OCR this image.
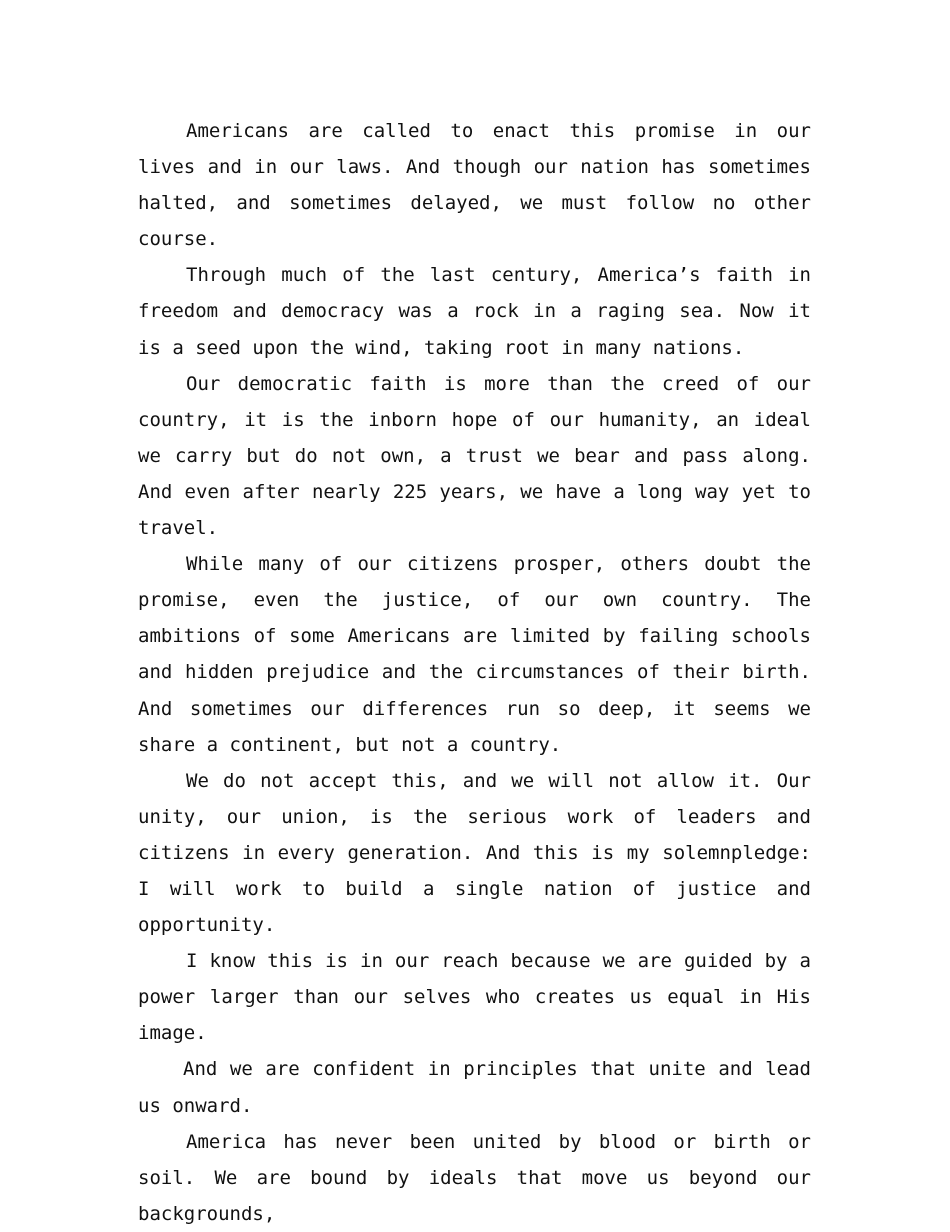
Americans are called to enact this promise in our lives and in our laws. And though our nation has sometimes halted, and sometimes delayed, we must follow no other course.

Through much of the last century, America’s faith in freedom and democracy was a rock in a raging sea. Now it is a seed upon the wind, taking root in many nations.

Our democratic faith is more than the creed of our country, it is the inborn hope of our humanity, an ideal we carry but do not own, a trust we bear and pass along. And even after nearly 225 years, we have a long way yet to travel.

While many of our citizens prosper, others doubt the promise, even the justice, of our own country. The ambitions of some Americans are limited by failing schools and hidden prejudice and the circumstances of their birth. And sometimes our differences run so deep, it seems we share a continent, but not a country.

We do not accept this, and we will not allow it. Our unity, our union, is the serious work of leaders and citizens in every generation. And this is my solemnpledge: I will work to build a single nation of justice and opportunity.

I know this is in our reach because we are guided by a power larger than our selves who creates us equal in His image.

And we are confident in principles that unite and lead us onward.

America has never been united by blood or birth or soil. We are bound by ideals that move us beyond our backgrounds,
